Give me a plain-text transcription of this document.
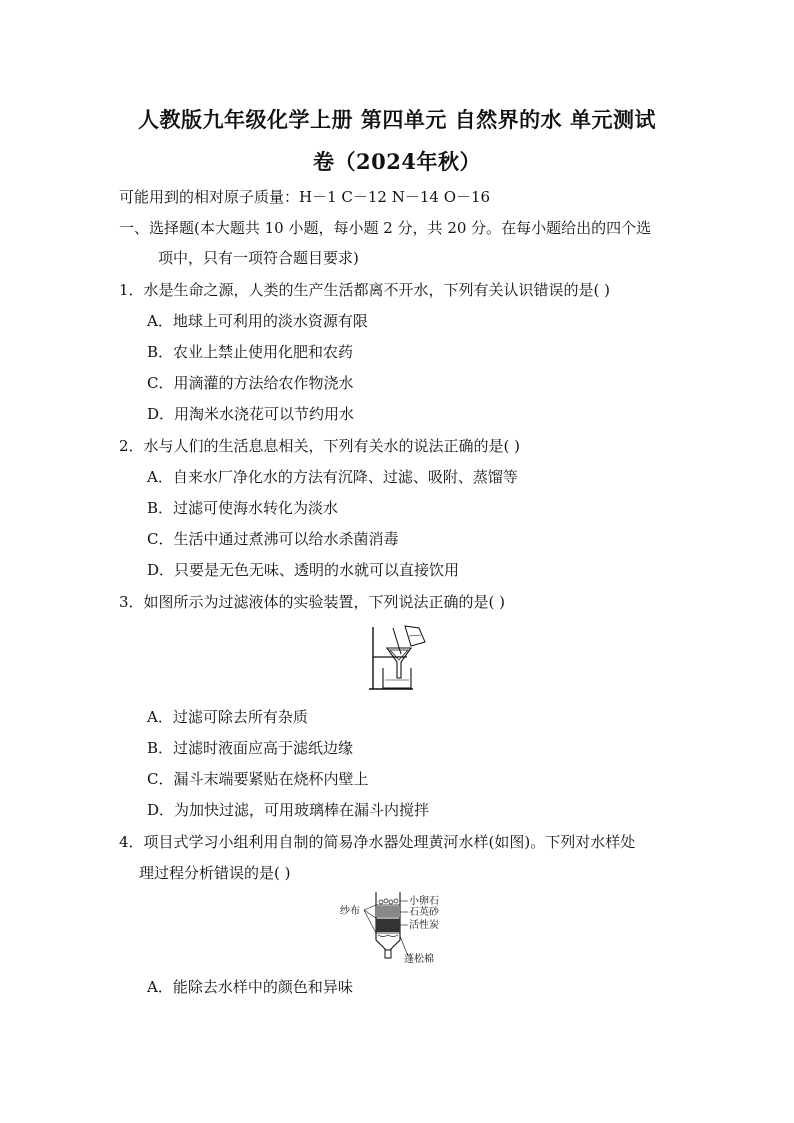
人教版九年级化学上册 第四单元 自然界的水 单元测试
卷（2024年秋）
可能用到的相对原子质量：H－1 C－12 N－14 O－16
一、选择题(本大题共 10 小题，每小题 2 分，共 20 分。在每小题给出的四个选
项中，只有一项符合题目要求)
1．水是生命之源，人类的生产生活都离不开水，下列有关认识错误的是( )
A．地球上可利用的淡水资源有限
B．农业上禁止使用化肥和农药
C．用滴灌的方法给农作物浇水
D．用淘米水浇花可以节约用水
2．水与人们的生活息息相关，下列有关水的说法正确的是( )
A．自来水厂净化水的方法有沉降、过滤、吸附、蒸馏等
B．过滤可使海水转化为淡水
C．生活中通过煮沸可以给水杀菌消毒
D．只要是无色无味、透明的水就可以直接饮用
3．如图所示为过滤液体的实验装置，下列说法正确的是( )
A．过滤可除去所有杂质
B．过滤时液面应高于滤纸边缘
C．漏斗末端要紧贴在烧杯内壁上
D．为加快过滤，可用玻璃棒在漏斗内搅拌
4．项目式学习小组利用自制的简易净水器处理黄河水样(如图)。下列对水样处
理过程分析错误的是( )
纱布
小卵石
石英砂
活性炭
蓬松棉
A．能除去水样中的颜色和异味
